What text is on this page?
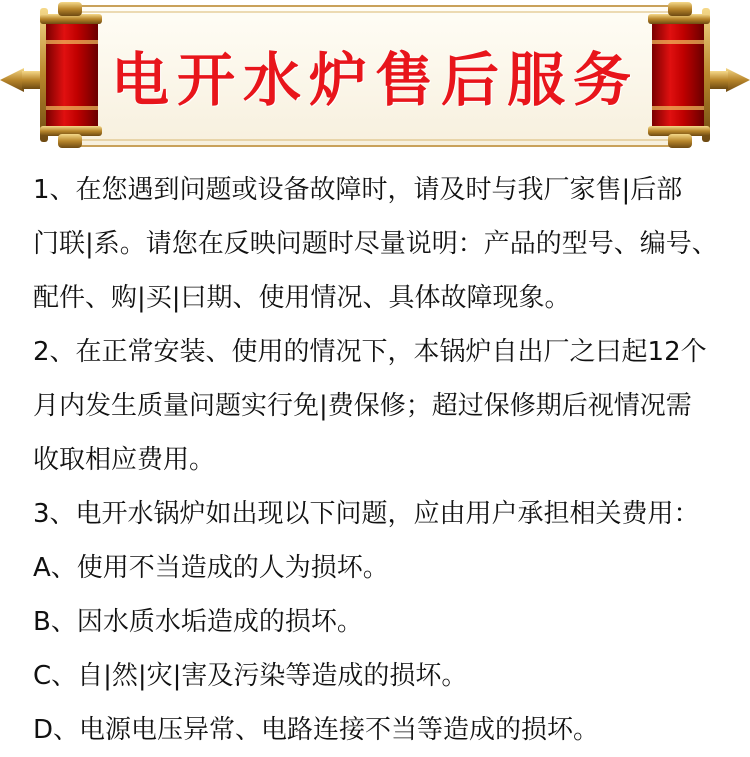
电开水炉售后服务

1、在您遇到问题或设备故障时，请及时与我厂家售|后部

门联|系。请您在反映问题时尽量说明：产品的型号、编号、

配件、购|买|曰期、使用情况、具体故障现象。

2、在正常安装、使用的情况下，本锅炉自出厂之曰起12个

月内发生质量问题实行免|费保修；超过保修期后视情况需

收取相应费用。

3、电开水锅炉如出现以下问题，应由用户承担相关费用：

A、使用不当造成的人为损坏。

B、因水质水垢造成的损坏。

C、自|然|灾|害及污染等造成的损坏。

D、电源电压异常、电路连接不当等造成的损坏。
